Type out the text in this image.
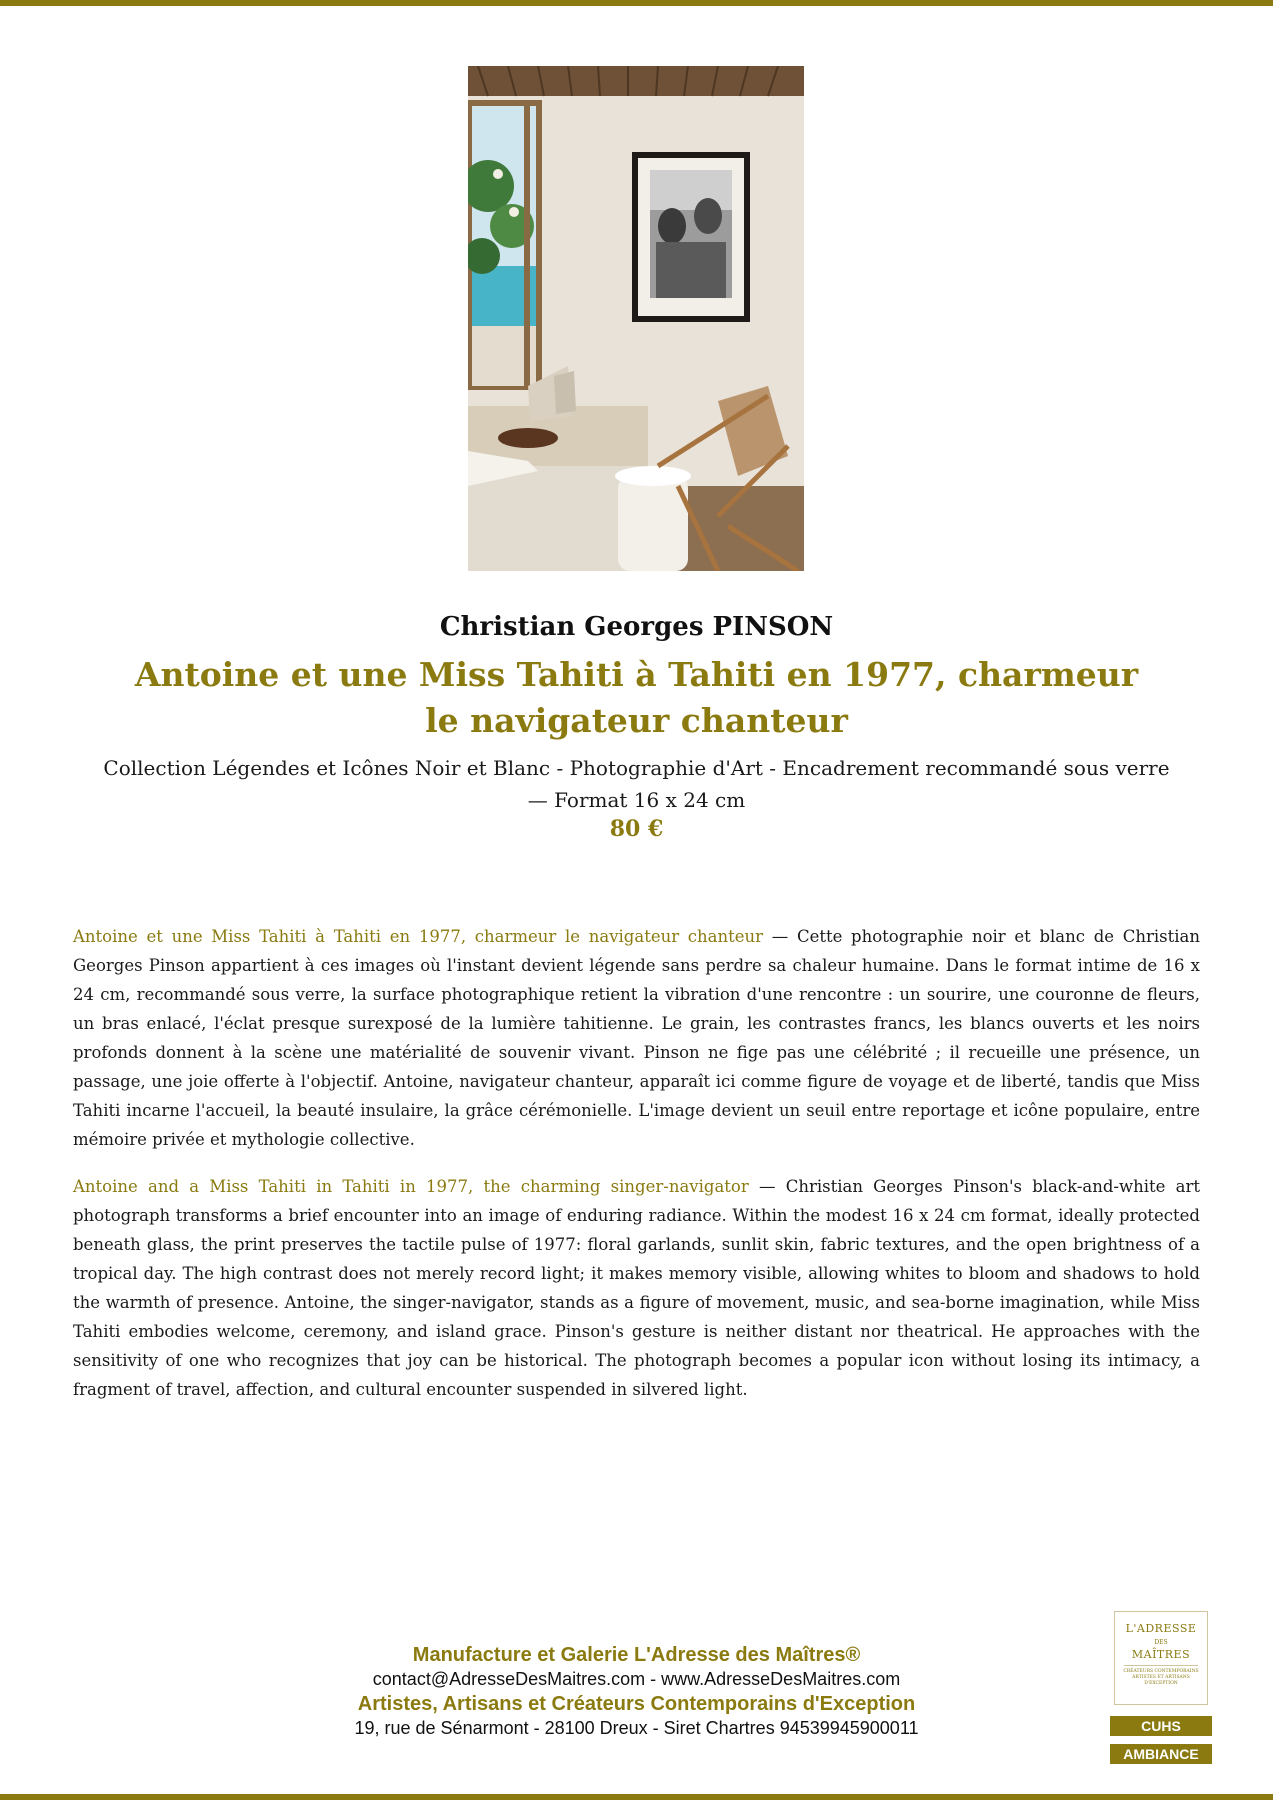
Christian Georges PINSON
Antoine et une Miss Tahiti à Tahiti en 1977, charmeur le navigateur chanteur
Collection Légendes et Icônes Noir et Blanc - Photographie d'Art - Encadrement recommandé sous verre — Format 16 x 24 cm
80 €

Antoine et une Miss Tahiti à Tahiti en 1977, charmeur le navigateur chanteur — Cette photographie noir et blanc de Christian Georges Pinson appartient à ces images où l'instant devient légende sans perdre sa chaleur humaine. Dans le format intime de 16 x 24 cm, recommandé sous verre, la surface photographique retient la vibration d'une rencontre : un sourire, une couronne de fleurs, un bras enlacé, l'éclat presque surexposé de la lumière tahitienne. Le grain, les contrastes francs, les blancs ouverts et les noirs profonds donnent à la scène une matérialité de souvenir vivant. Pinson ne fige pas une célébrité ; il recueille une présence, un passage, une joie offerte à l'objectif. Antoine, navigateur chanteur, apparaît ici comme figure de voyage et de liberté, tandis que Miss Tahiti incarne l'accueil, la beauté insulaire, la grâce cérémonielle. L'image devient un seuil entre reportage et icône populaire, entre mémoire privée et mythologie collective.

Antoine and a Miss Tahiti in Tahiti in 1977, the charming singer-navigator — Christian Georges Pinson's black-and-white art photograph transforms a brief encounter into an image of enduring radiance. Within the modest 16 x 24 cm format, ideally protected beneath glass, the print preserves the tactile pulse of 1977: floral garlands, sunlit skin, fabric textures, and the open brightness of a tropical day. The high contrast does not merely record light; it makes memory visible, allowing whites to bloom and shadows to hold the warmth of presence. Antoine, the singer-navigator, stands as a figure of movement, music, and sea-borne imagination, while Miss Tahiti embodies welcome, ceremony, and island grace. Pinson's gesture is neither distant nor theatrical. He approaches with the sensitivity of one who recognizes that joy can be historical. The photograph becomes a popular icon without losing its intimacy, a fragment of travel, affection, and cultural encounter suspended in silvered light.

Manufacture et Galerie L'Adresse des Maîtres®
contact@AdresseDesMaitres.com - www.AdresseDesMaitres.com
Artistes, Artisans et Créateurs Contemporains d'Exception
19, rue de Sénarmont - 28100 Dreux - Siret Chartres 94539945900011
L'ADRESSE
DES
MAÎTRES
CRÉATEURS CONTEMPORAINS ARTISTES ET ARTISANS D'EXCEPTION
CUHS
AMBIANCE
